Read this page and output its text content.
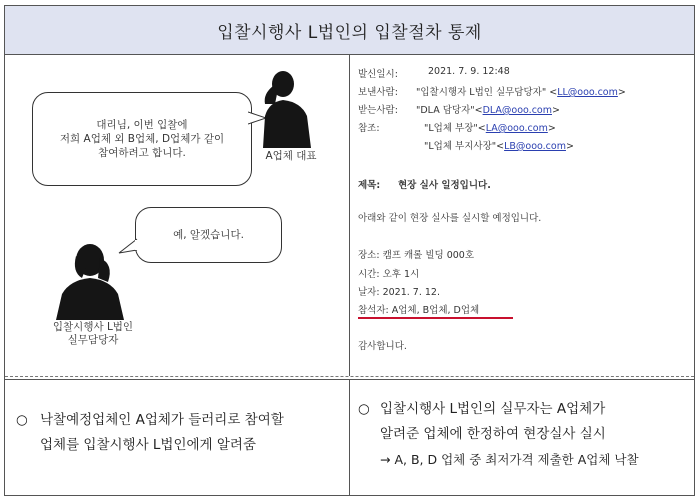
입찰시행사 L법인의 입찰절차 통제
대리님, 이번 입찰에
저희 A업체 외 B업체, D업체가 같이
참여하려고 합니다.	A업체 대표
예, 알겠습니다.
입찰시행사 L법인
실무담당자
발신일시:	2021. 7. 9. 12:48
보낸사람: "입찰시행자 L법인 실무담당자" <LL@ooo.com>
받는사람: "DLA 담당자"<DLA@ooo.com>
참조:	"L업체 부장"<LA@ooo.com>
"L업체 부지사장"<LB@ooo.com>
제목: 현장 실사 일정입니다.
아래와 같이 현장 실사를 실시할 예정입니다.
장소: 캠프 캐롤 빌딩 000호
시간: 오후 1시
날자: 2021. 7. 12.
참석자: A업체, B업체, D업체
감사합니다.
○ 낙찰예정업체인 A업체가 들러리로 참여할
업체를 입찰시행사 L법인에게 알려줌
○ 입찰시행사 L법인의 실무자는 A업체가
알려준 업체에 한정하여 현장실사 실시
→ A, B, D 업체 중 최저가격 제출한 A업체 낙찰
